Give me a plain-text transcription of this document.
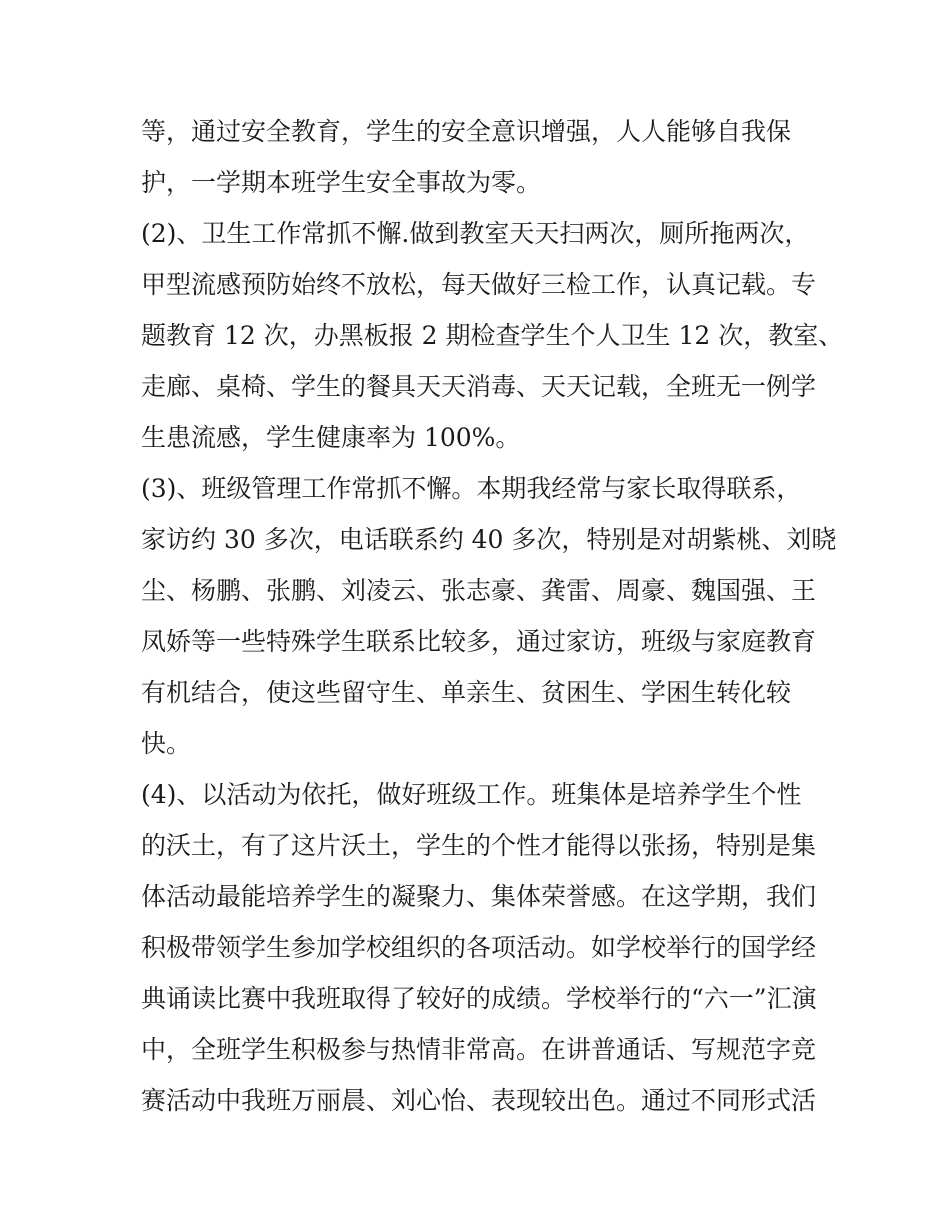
等，通过安全教育，学生的安全意识增强，人人能够自我保
护，一学期本班学生安全事故为零。
(2)、卫生工作常抓不懈.做到教室天天扫两次，厕所拖两次，
甲型流感预防始终不放松，每天做好三检工作，认真记载。专
题教育 12 次，办黑板报 2 期检查学生个人卫生 12 次，教室、
走廊、桌椅、学生的餐具天天消毒、天天记载，全班无一例学
生患流感，学生健康率为 100%。
(3)、班级管理工作常抓不懈。本期我经常与家长取得联系，
家访约 30 多次，电话联系约 40 多次，特别是对胡紫桃、刘晓
尘、杨鹏、张鹏、刘凌云、张志豪、龚雷、周豪、魏国强、王
凤娇等一些特殊学生联系比较多，通过家访，班级与家庭教育
有机结合，使这些留守生、单亲生、贫困生、学困生转化较
快。
(4)、以活动为依托，做好班级工作。班集体是培养学生个性
的沃土，有了这片沃土，学生的个性才能得以张扬，特别是集
体活动最能培养学生的凝聚力、集体荣誉感。在这学期，我们
积极带领学生参加学校组织的各项活动。如学校举行的国学经
典诵读比赛中我班取得了较好的成绩。学校举行的“六一”汇演
中，全班学生积极参与热情非常高。在讲普通话、写规范字竞
赛活动中我班万丽晨、刘心怡、表现较出色。通过不同形式活
